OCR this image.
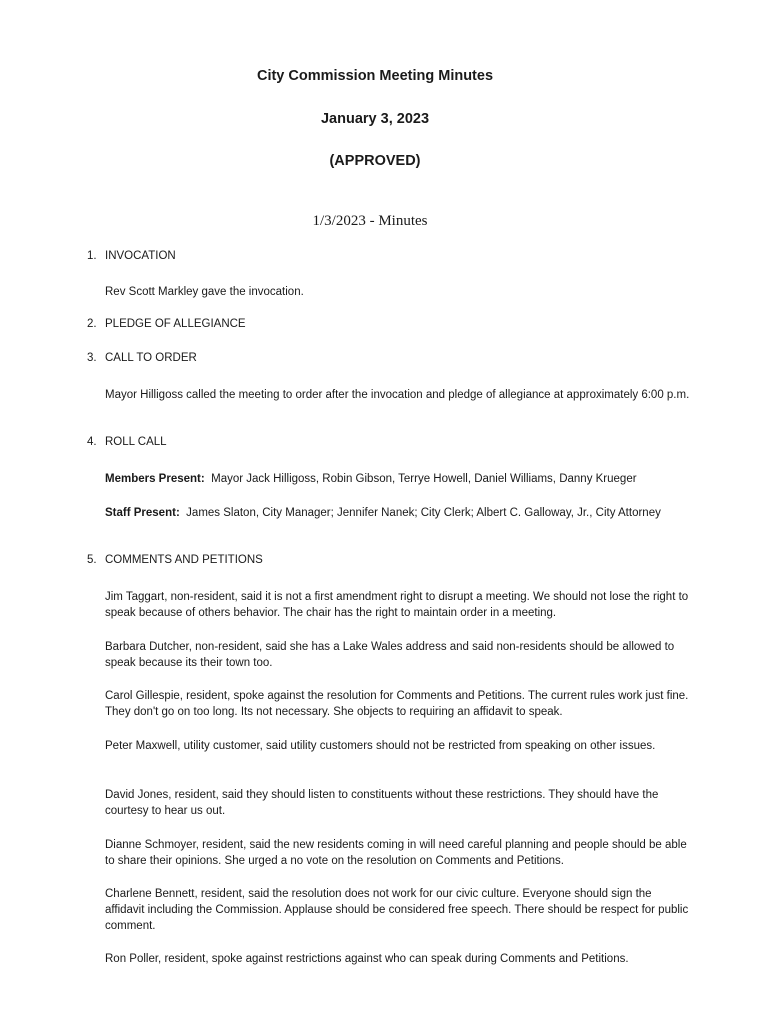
City Commission Meeting Minutes
January 3, 2023
(APPROVED)
1/3/2023 - Minutes
1. INVOCATION
Rev Scott Markley gave the invocation.
2. PLEDGE OF ALLEGIANCE
3. CALL TO ORDER
Mayor Hilligoss called the meeting to order after the invocation and pledge of allegiance at approximately 6:00 p.m.
4. ROLL CALL
Members Present: Mayor Jack Hilligoss, Robin Gibson, Terrye Howell, Daniel Williams, Danny Krueger
Staff Present: James Slaton, City Manager; Jennifer Nanek; City Clerk; Albert C. Galloway, Jr., City Attorney
5. COMMENTS AND PETITIONS
Jim Taggart, non-resident, said it is not a first amendment right to disrupt a meeting. We should not lose the right to speak because of others behavior. The chair has the right to maintain order in a meeting.
Barbara Dutcher, non-resident, said she has a Lake Wales address and said non-residents should be allowed to speak because its their town too.
Carol Gillespie, resident, spoke against the resolution for Comments and Petitions. The current rules work just fine. They don't go on too long. Its not necessary. She objects to requiring an affidavit to speak.
Peter Maxwell, utility customer, said utility customers should not be restricted from speaking on other issues.
David Jones, resident, said they should listen to constituents without these restrictions. They should have the courtesy to hear us out.
Dianne Schmoyer, resident, said the new residents coming in will need careful planning and people should be able to share their opinions. She urged a no vote on the resolution on Comments and Petitions.
Charlene Bennett, resident, said the resolution does not work for our civic culture. Everyone should sign the affidavit including the Commission. Applause should be considered free speech. There should be respect for public comment.
Ron Poller, resident, spoke against restrictions against who can speak during Comments and Petitions.
